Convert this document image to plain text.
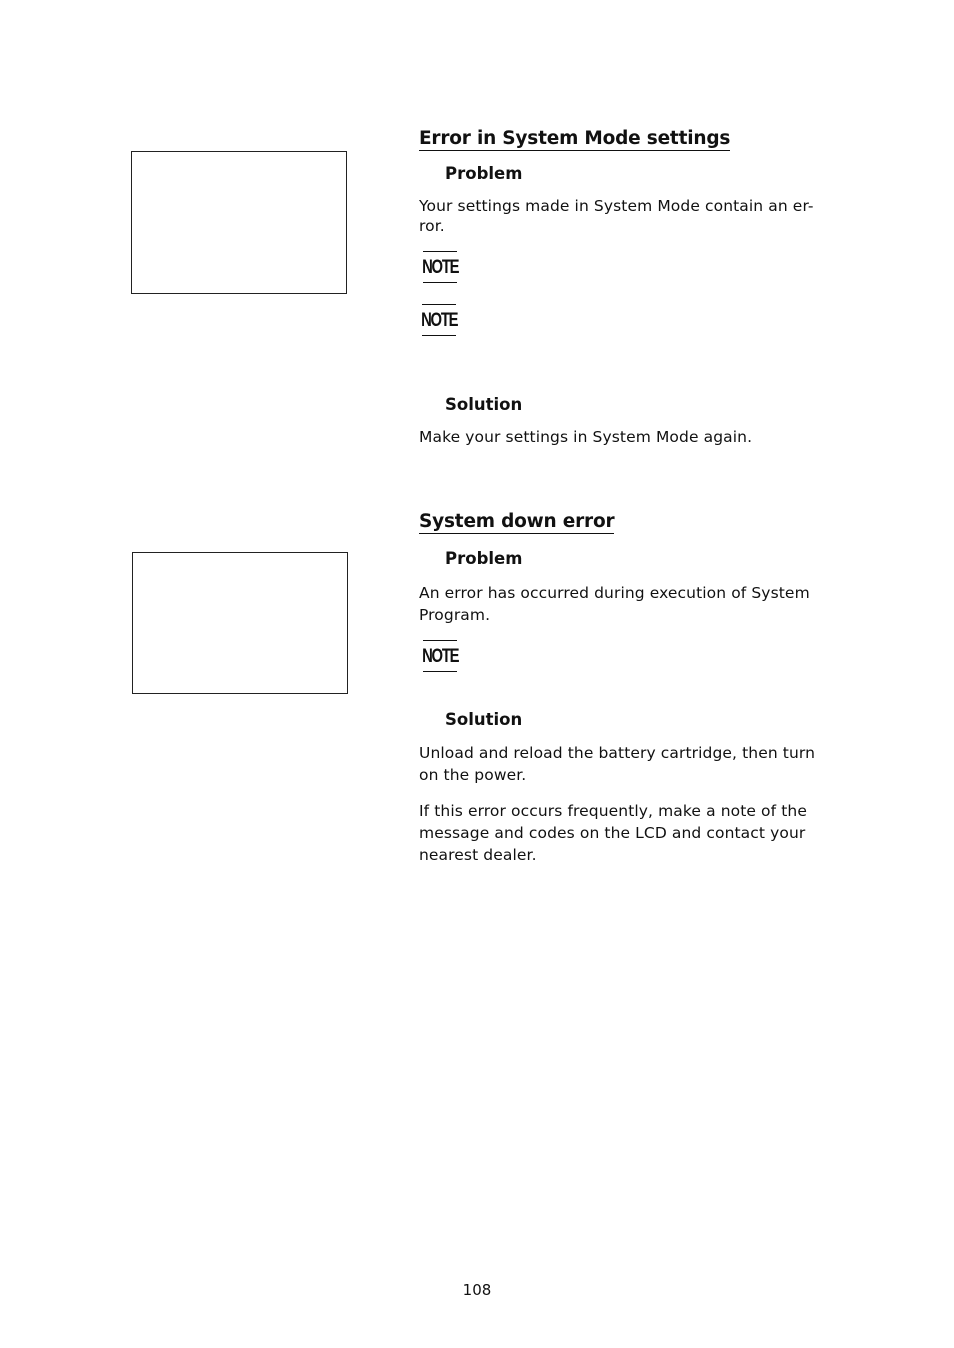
Error in System Mode settings
Problem

Your settings made in System Mode contain an er-

ror.

NOTE
NOTE
Solution

Make your settings in System Mode again.

System down error
Problem

An error has occurred during execution of System

Program.

NOTE
Solution

Unload and reload the battery cartridge, then turn

on the power.

If this error occurs frequently, make a note of the

message and codes on the LCD and contact your

nearest dealer.

108
